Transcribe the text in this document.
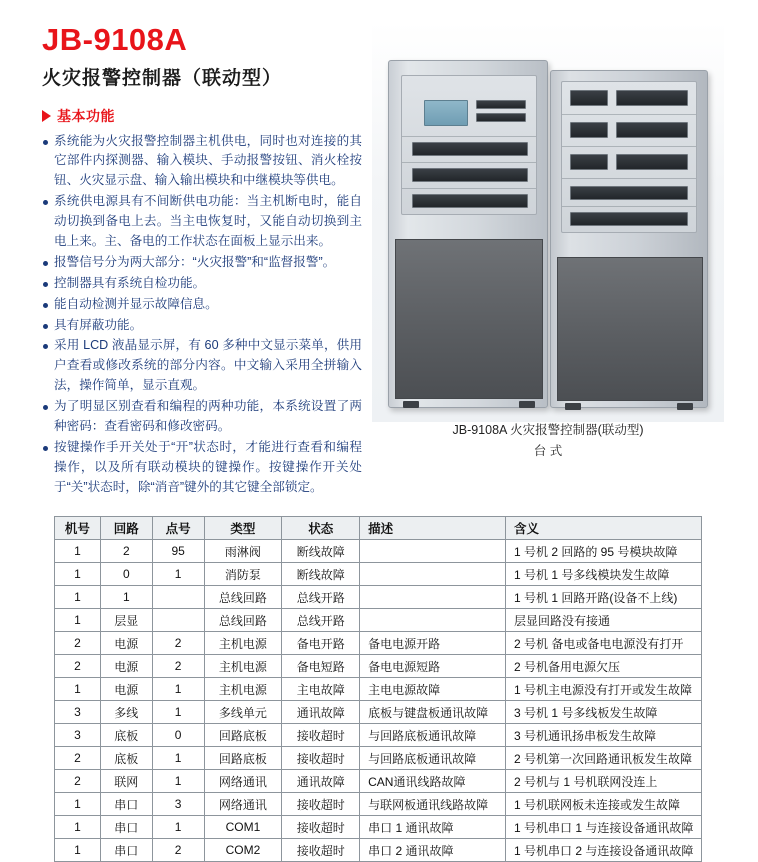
JB-9108A
火灾报警控制器（联动型）
基本功能
系统能为火灾报警控制器主机供电，同时也对连接的其它部件内探测器、输入模块、手动报警按钮、消火栓按钮、火灾显示盘、输入输出模块和中继模块等供电。
系统供电源具有不间断供电功能：当主机断电时，能自动切换到备电上去。当主电恢复时，又能自动切换到主电上来。主、备电的工作状态在面板上显示出来。
报警信号分为两大部分：“火灾报警”和“监督报警”。
控制器具有系统自检功能。
能自动检测并显示故障信息。
具有屏蔽功能。
采用 LCD 液晶显示屏，有 60 多种中文显示菜单，供用户查看或修改系统的部分内容。中文输入采用全拼输入法，操作简单，显示直观。
为了明显区别查看和编程的两种功能，本系统设置了两种密码：查看密码和修改密码。
按键操作手开关处于“开”状态时，才能进行查看和编程操作，以及所有联动模块的键操作。按键操作开关处于“关”状态时，除“消音”键外的其它键全部锁定。
JB-9108A 火灾报警控制器(联动型)
台 式
机号	回路	点号	类型	状态	描述	含义
1	2	95	雨淋阀	断线故障		1 号机 2 回路的 95 号模块故障
1	0	1	消防泵	断线故障		1 号机 1 号多线模块发生故障
1	1		总线回路	总线开路		1 号机 1 回路开路(设备不上线)
1	层显		总线回路	总线开路		层显回路没有接通
2	电源	2	主机电源	备电开路	备电电源开路	2 号机 备电或备电电源没有打开
2	电源	2	主机电源	备电短路	备电电源短路	2 号机备用电源欠压
1	电源	1	主机电源	主电故障	主电电源故障	1 号机主电源没有打开或发生故障
3	多线	1	多线单元	通讯故障	底板与键盘板通讯故障	3 号机 1 号多线板发生故障
3	底板	0	回路底板	接收超时	与回路底板通讯故障	3 号机通讯扬串板发生故障
2	底板	1	回路底板	接收超时	与回路底板通讯故障	2 号机第一次回路通讯板发生故障
2	联网	1	网络通讯	通讯故障	CAN通讯线路故障	2 号机与 1 号机联网没连上
1	串口	3	网络通讯	接收超时	与联网板通讯线路故障	1 号机联网板未连接或发生故障
1	串口	1	COM1	接收超时	串口 1 通讯故障	1 号机串口 1 与连接设备通讯故障
1	串口	2	COM2	接收超时	串口 2 通讯故障	1 号机串口 2 与连接设备通讯故障
